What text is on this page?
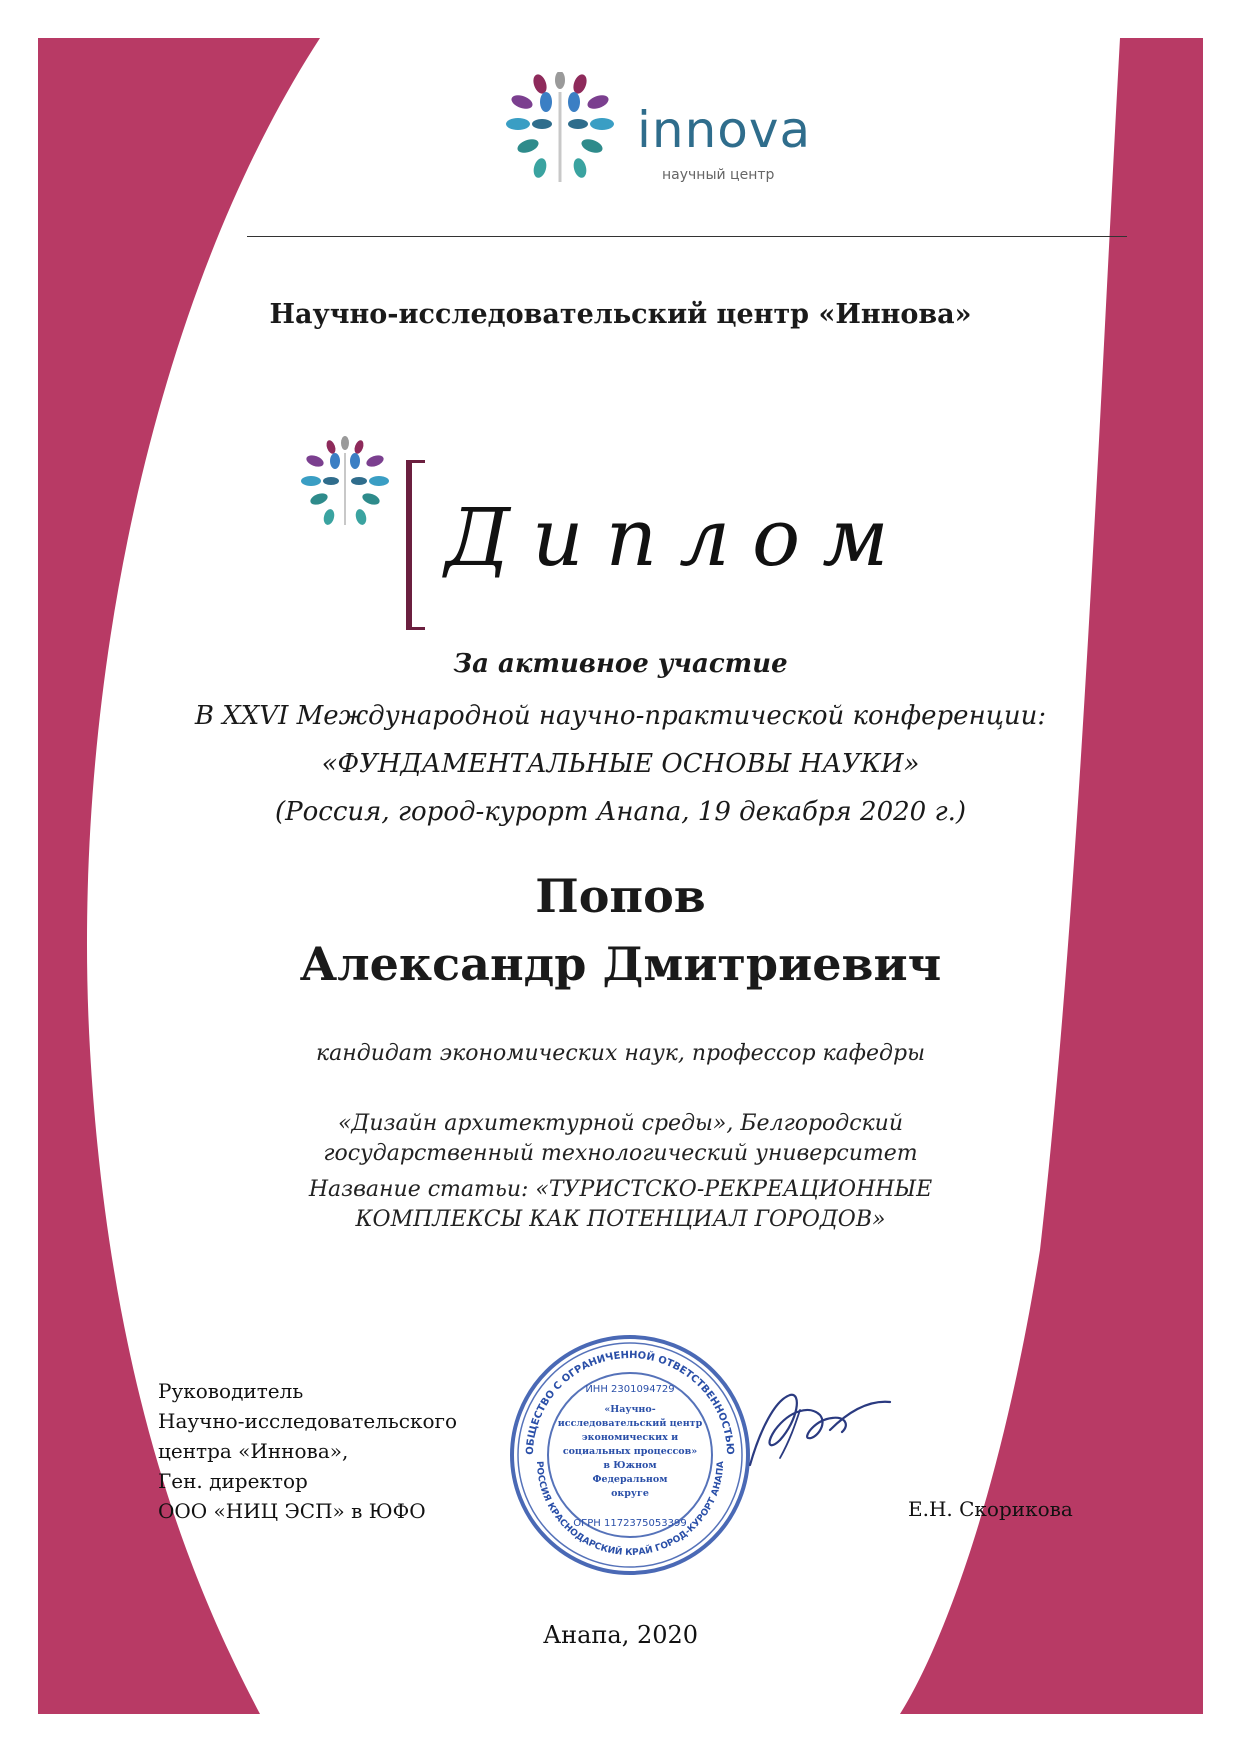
innova
научный центр
Научно-исследовательский центр «Иннова»
Диплом
За активное участие
В XXVI Международной научно-практической конференции:
«ФУНДАМЕНТАЛЬНЫЕ ОСНОВЫ НАУКИ»
(Россия, город-курорт Анапа, 19 декабря 2020 г.)
Попов
Александр Дмитриевич
кандидат экономических наук, профессор кафедры
«Дизайн архитектурной среды», Белгородский
государственный технологический университет
Название статьи: «ТУРИСТСКО-РЕКРЕАЦИОННЫЕ
КОМПЛЕКСЫ КАК ПОТЕНЦИАЛ ГОРОДОВ»
Руководитель
Научно-исследовательского
центра «Иннова»,
Ген. директор
ООО «НИЦ ЭСП» в ЮФО
ОБЩЕСТВО С ОГРАНИЧЕННОЙ ОТВЕТСТВЕННОСТЬЮ
РОССИЯ КРАСНОДАРСКИЙ КРАЙ ГОРОД-КУРОРТ АНАПА
ИНН 2301094729
«Научно-
исследовательский центр
экономических и
социальных процессов»
в Южном
Федеральном
округе
ОГРН 1172375053399
Е.Н. Скорикова
Анапа, 2020
